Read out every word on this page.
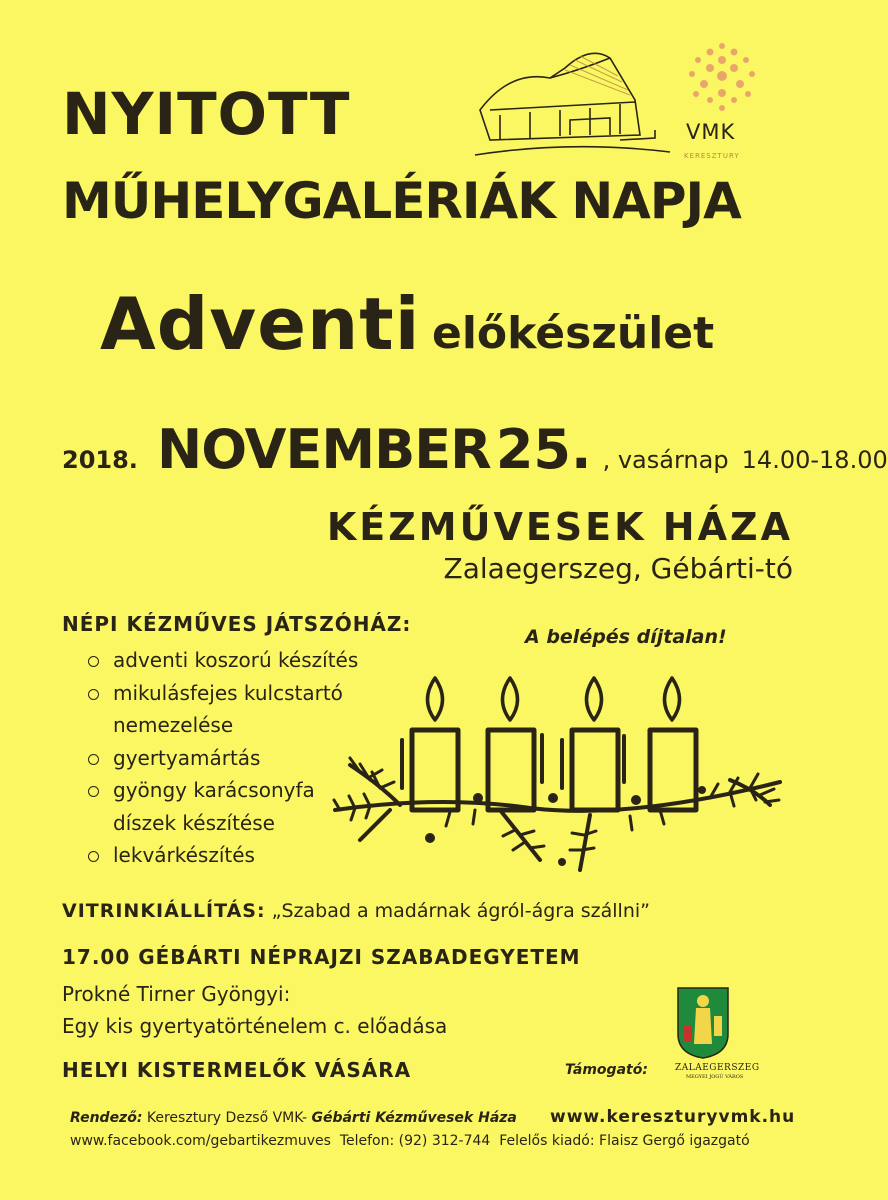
NYITOTT
MŰHELYGALÉRIÁK NAPJA
Adventi előkészület
VMK
KERESZTURY
2018. NOVEMBER 25. , vasárnap 14.00-18.00
KÉZMŰVESEK HÁZA
Zalaegerszeg, Gébárti-tó
NÉPI KÉZMŰVES JÁTSZÓHÁZ:
A belépés díjtalan!
adventi koszorú készítés
mikulásfejes kulcstartó
nemezelése
gyertyamártás
gyöngy karácsonyfa
díszek készítése
lekvárkészítés
VITRINKIÁLLÍTÁS: „Szabad a madárnak ágról-ágra szállni”
17.00 GÉBÁRTI NÉPRAJZI SZABADEGYETEM
Prokné Tirner Gyöngyi:
Egy kis gyertyatörténelem c. előadása
HELYI KISTERMELŐK VÁSÁRA	Támogató:	ZALAEGERSZEG
MEGYEI JOGÚ VÁROS
Rendező: Keresztury Dezső VMK- Gébárti Kézművesek Háza www.kereszturyvmk.hu
www.facebook.com/gebartikezmuves Telefon: (92) 312-744 Felelős kiadó: Flaisz Gergő igazgató
